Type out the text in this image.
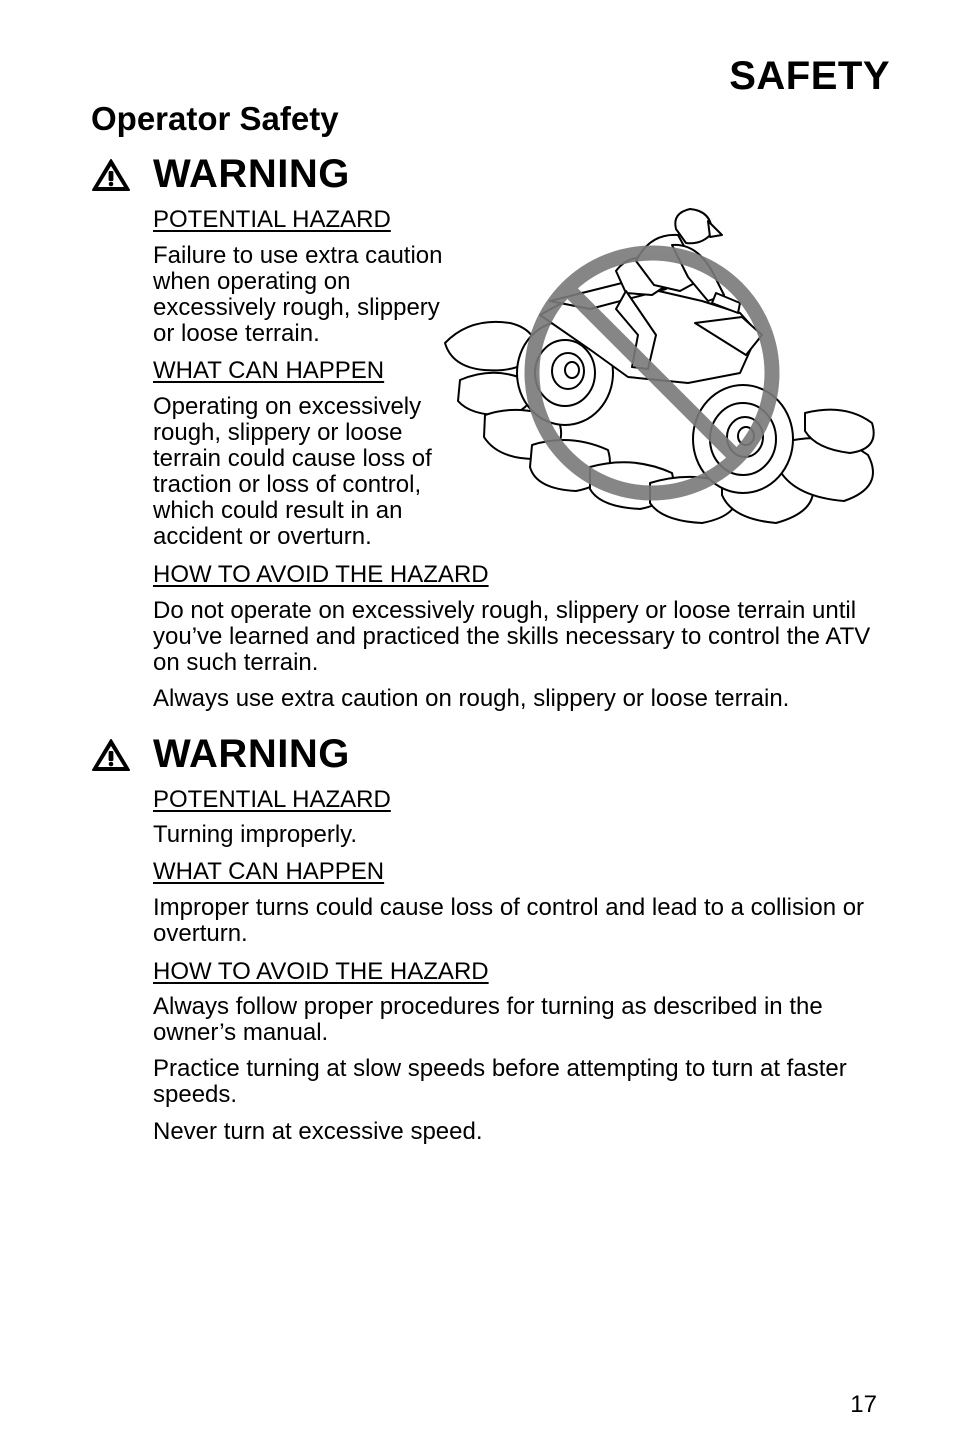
SAFETY
Operator Safety
WARNING
POTENTIAL HAZARD
Failure to use extra caution when operating on excessively rough, slippery or loose terrain.
WHAT CAN HAPPEN
Operating on excessively rough, slippery or loose terrain could cause loss of traction or loss of control, which could result in an accident or overturn.
HOW TO AVOID THE HAZARD
Do not operate on excessively rough, slippery or loose terrain until you’ve learned and practiced the skills necessary to control the ATV on such terrain.
Always use extra caution on rough, slippery or loose terrain.
WARNING
POTENTIAL HAZARD
Turning improperly.
WHAT CAN HAPPEN
Improper turns could cause loss of control and lead to a collision or overturn.
HOW TO AVOID THE HAZARD
Always follow proper procedures for turning as described in the owner’s manual.
Practice turning at slow speeds before attempting to turn at faster speeds.
Never turn at excessive speed.
17
